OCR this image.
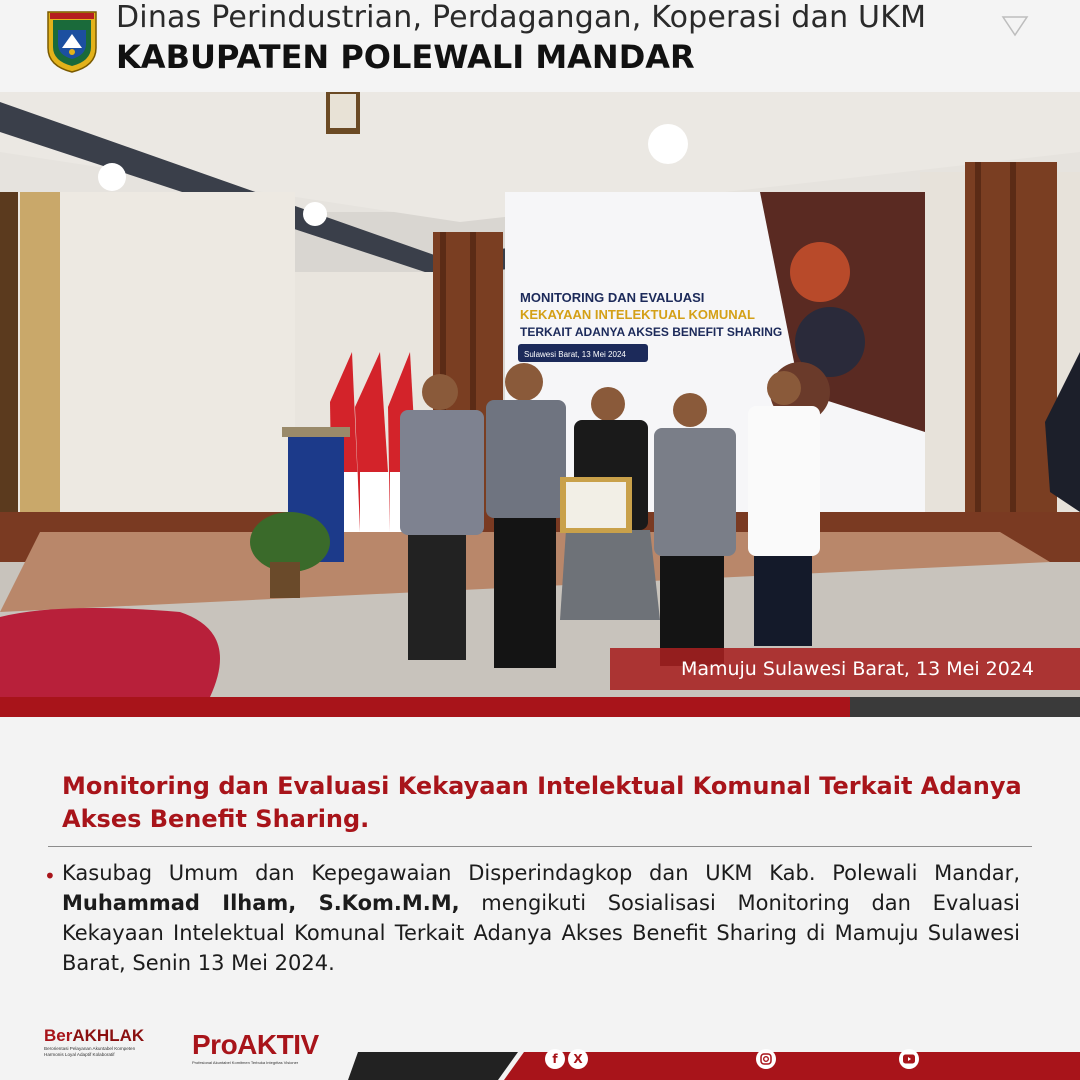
Dinas Perindustrian, Perdagangan, Koperasi dan UKM
KABUPATEN POLEWALI MANDAR
MONITORING DAN EVALUASI
KEKAYAAN INTELEKTUAL KOMUNAL
TERKAIT ADANYA AKSES BENEFIT SHARING
Sulawesi Barat, 13 Mei 2024
Mamuju Sulawesi Barat, 13 Mei 2024
Monitoring dan Evaluasi Kekayaan Intelektual Komunal Terkait Adanya Akses Benefit Sharing.
• Kasubag Umum dan Kepegawaian Disperindagkop dan UKM Kab. Polewali Mandar, Muhammad Ilham, S.Kom.M.M, mengikuti Sosialisasi Monitoring dan Evaluasi Kekayaan Intelektual Komunal Terkait Adanya Akses Benefit Sharing di Mamuju Sulawesi Barat, Senin 13 Mei 2024.
BerAKHLAK
Berorientasi Pelayanan Akuntabel Kompeten
Harmonis Loyal Adaptif Kolaboratif	ProAKTIV
Profesional Akuntabel Komitmen Terbuka Integritas Visioner	f	X
